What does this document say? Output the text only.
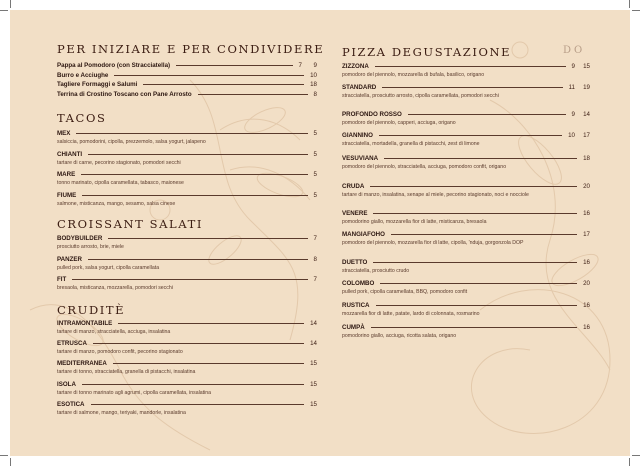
PER INIZIARE E PER CONDIVIDERE
Pappa al Pomodoro (con Stracciatella)	7 9
Burro e Acciughe	10
Tagliere Formaggi e Salumi	18
Terrina di Crostino Toscano con Pane Arrosto	8
TACOS
MEX	5
salsiccia, pomodorini, cipolla, prezzemolo, salsa yogurt, jalapeno
CHIANTI	5
tartare di carne, pecorino stagionato, pomodori secchi
MARE	5
tonno marinato, cipolla caramellata, tabasco, maionese
FIUME	5
salmone, misticanza, mango, sesamo, salsa cinese
CROISSANT SALATI
BODYBUILDER	7
prosciutto arrosto, brie, miele
PANZER	8
pulled pork, salsa yogurt, cipolla caramellata
FIT	7
bresaola, misticanza, mozzarella, pomodori secchi
CRUDITÈ
INTRAMONTABILE	14
tartare di manzo, stracciatella, acciuga, insalatina
ETRUSCA	14
tartare di manzo, pomodoro confit, pecorino stagionato
MEDITERRANEA	15
tartare di tonno, stracciatella, granella di pistacchi, insalatina
ISOLA	15
tartare di tonno marinato agli agrumi, cipolla caramellata, insalatina
ESOTICA	15
tartare di salmone, mango, teriyaki, mandorle, insalatina
PIZZA DEGUSTAZIONE
ZIZZONA	9 15
pomodoro del piennolo, mozzarella di bufala, basilico, origano
STANDARD	11 19
stracciatella, prosciutto arrosto, cipolla caramellata, pomodori secchi
PROFONDO ROSSO	9 14
pomodoro del piennolo, capperi, acciuga, origano
GIANNINO	10 17
stracciatella, mortadella, granella di pistacchi, zest di limone
VESUVIANA	18
pomodoro del piennolo, stracciatella, acciuga, pomodoro confit, origano
CRUDA	20
tartare di manzo, insalatina, senape al miele, pecorino stagionato, noci e nocciole
VENERE	16
pomodorino giallo, mozzarella fior di latte, misticanza, bresaola
MANGIAFOHO	17
pomodoro del piennolo, mozzarella fior di latte, cipolla, 'nduja, gorgonzola DOP
DUETTO	16
stracciatella, prosciutto crudo
COLOMBO	20
pulled pork, cipolla caramellata, BBQ, pomodoro confit
RUSTICA	16
mozzarella fior di latte, patate, lardo di colonnata, rosmarino
CUMPÀ	16
pomodorino giallo, acciuga, ricotta salata, origano
DO
